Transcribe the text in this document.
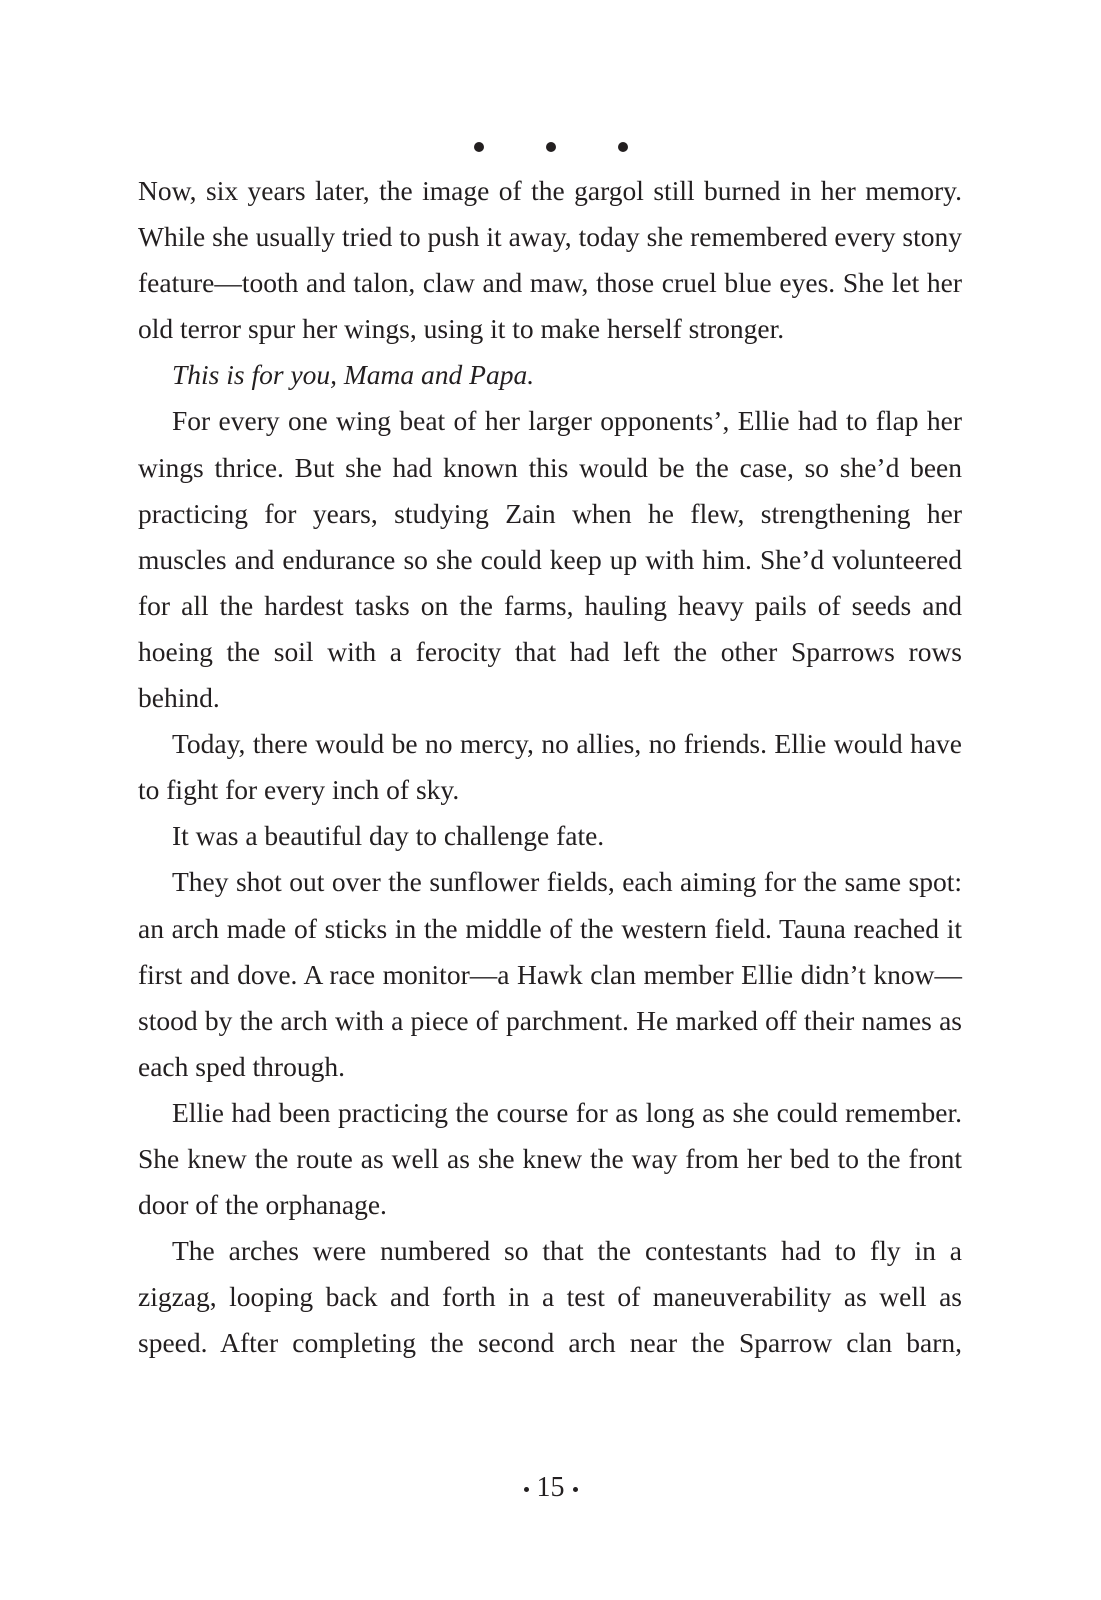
Now, six years later, the image of the gargol still burned in her memory. While she usually tried to push it away, today she remembered every stony feature—tooth and talon, claw and maw, those cruel blue eyes. She let her old terror spur her wings, using it to make herself stronger.

This is for you, Mama and Papa.

For every one wing beat of her larger opponents’, Ellie had to flap her wings thrice. But she had known this would be the case, so she’d been practicing for years, studying Zain when he flew, strengthening her muscles and endurance so she could keep up with him. She’d volunteered for all the hardest tasks on the farms, hauling heavy pails of seeds and hoeing the soil with a ferocity that had left the other Sparrows rows behind.

Today, there would be no mercy, no allies, no friends. Ellie would have to fight for every inch of sky.

It was a beautiful day to challenge fate.

They shot out over the sunflower fields, each aiming for the same spot: an arch made of sticks in the middle of the western field. Tauna reached it first and dove. A race monitor—a Hawk clan member Ellie didn’t know—stood by the arch with a piece of parchment. He marked off their names as each sped through.

Ellie had been practicing the course for as long as she could remember. She knew the route as well as she knew the way from her bed to the front door of the orphanage.

The arches were numbered so that the contestants had to fly in a zigzag, looping back and forth in a test of maneuverability as well as speed. After completing the second arch near the Sparrow clan barn,

15
